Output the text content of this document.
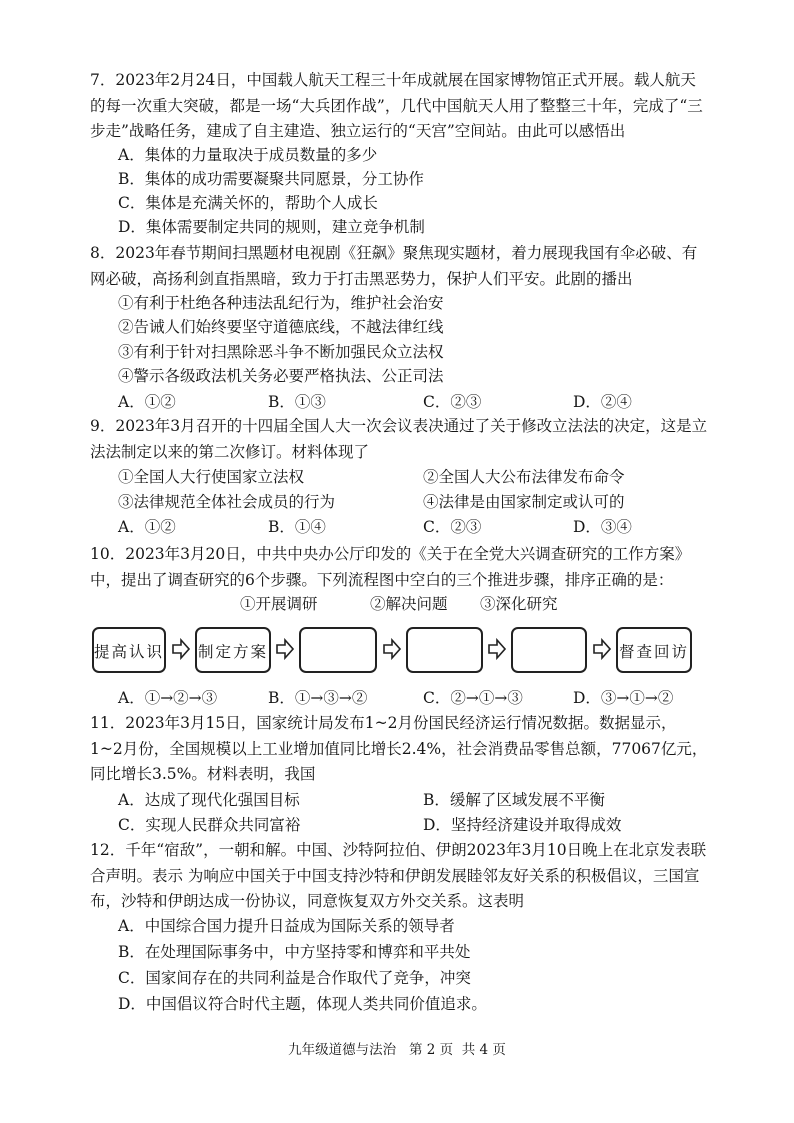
7．2023年2月24日，中国载人航天工程三十年成就展在国家博物馆正式开展。载人航天的每一次重大突破，都是一场“大兵团作战”，几代中国航天人用了整整三十年，完成了“三步走”战略任务，建成了自主建造、独立运行的“天宫”空间站。由此可以感悟出
A．集体的力量取决于成员数量的多少
B．集体的成功需要凝聚共同愿景，分工协作
C．集体是充满关怀的，帮助个人成长
D．集体需要制定共同的规则，建立竞争机制
8．2023年春节期间扫黑题材电视剧《狂飙》聚焦现实题材，着力展现我国有伞必破、有网必破，高扬利剑直指黑暗，致力于打击黑恶势力，保护人们平安。此剧的播出
①有利于杜绝各种违法乱纪行为，维护社会治安
②告诫人们始终要坚守道德底线，不越法律红线
③有利于针对扫黑除恶斗争不断加强民众立法权
④警示各级政法机关务必要严格执法、公正司法
A．①②	B．①③	C．②③	D．②④
9．2023年3月召开的十四届全国人大一次会议表决通过了关于修改立法法的决定，这是立法法制定以来的第二次修订。材料体现了
①全国人大行使国家立法权	②全国人大公布法律发布命令
③法律规范全体社会成员的行为	④法律是由国家制定或认可的
A．①②	B．①④	C．②③	D．③④
10．2023年3月20日，中共中央办公厅印发的《关于在全党大兴调查研究的工作方案》中，提出了调查研究的6个步骤。下列流程图中空白的三个推进步骤，排序正确的是：
①开展调研	②解决问题 ③深化研究
提高认识 制定方案	督查回访
A．①→②→③	B．①→③→②	C．②→①→③	D．③→①→②
11．2023年3月15日，国家统计局发布1~2月份国民经济运行情况数据。数据显示，1~2月份，全国规模以上工业增加值同比增长2.4%，社会消费品零售总额，77067亿元，同比增长3.5%。材料表明，我国
A．达成了现代化强国目标	B．缓解了区域发展不平衡
C．实现人民群众共同富裕	D．坚持经济建设并取得成效
12．千年“宿敌”，一朝和解。中国、沙特阿拉伯、伊朗2023年3月10日晚上在北京发表联合声明。表示 为响应中国关于中国支持沙特和伊朗发展睦邻友好关系的积极倡议，三国宣布，沙特和伊朗达成一份协议，同意恢复双方外交关系。这表明
A．中国综合国力提升日益成为国际关系的领导者
B．在处理国际事务中，中方坚持零和博弈和平共处
C．国家间存在的共同利益是合作取代了竞争，冲突
D．中国倡议符合时代主题，体现人类共同价值追求。
九年级道德与法治   第 2 页  共 4 页
